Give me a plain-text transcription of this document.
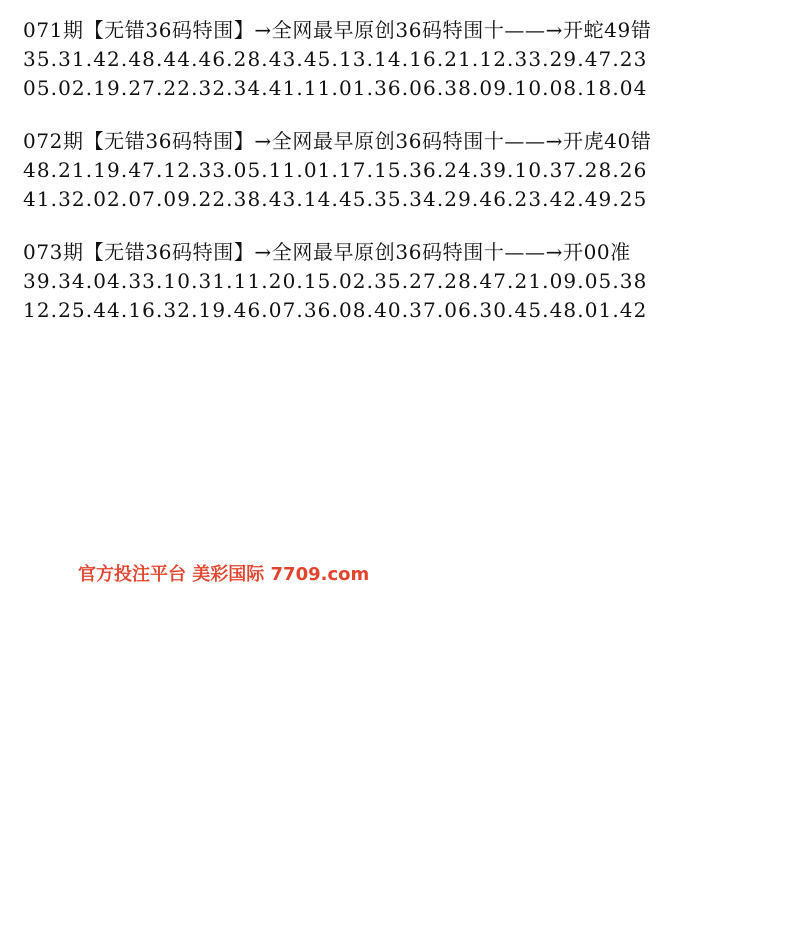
071期【无错36码特围】→全网最早原创36码特围十——→开蛇49错
35.31.42.48.44.46.28.43.45.13.14.16.21.12.33.29.47.23
05.02.19.27.22.32.34.41.11.01.36.06.38.09.10.08.18.04
072期【无错36码特围】→全网最早原创36码特围十——→开虎40错
48.21.19.47.12.33.05.11.01.17.15.36.24.39.10.37.28.26
41.32.02.07.09.22.38.43.14.45.35.34.29.46.23.42.49.25
073期【无错36码特围】→全网最早原创36码特围十——→开00准
39.34.04.33.10.31.11.20.15.02.35.27.28.47.21.09.05.38
12.25.44.16.32.19.46.07.36.08.40.37.06.30.45.48.01.42
官方投注平台 美彩国际 7709.com
